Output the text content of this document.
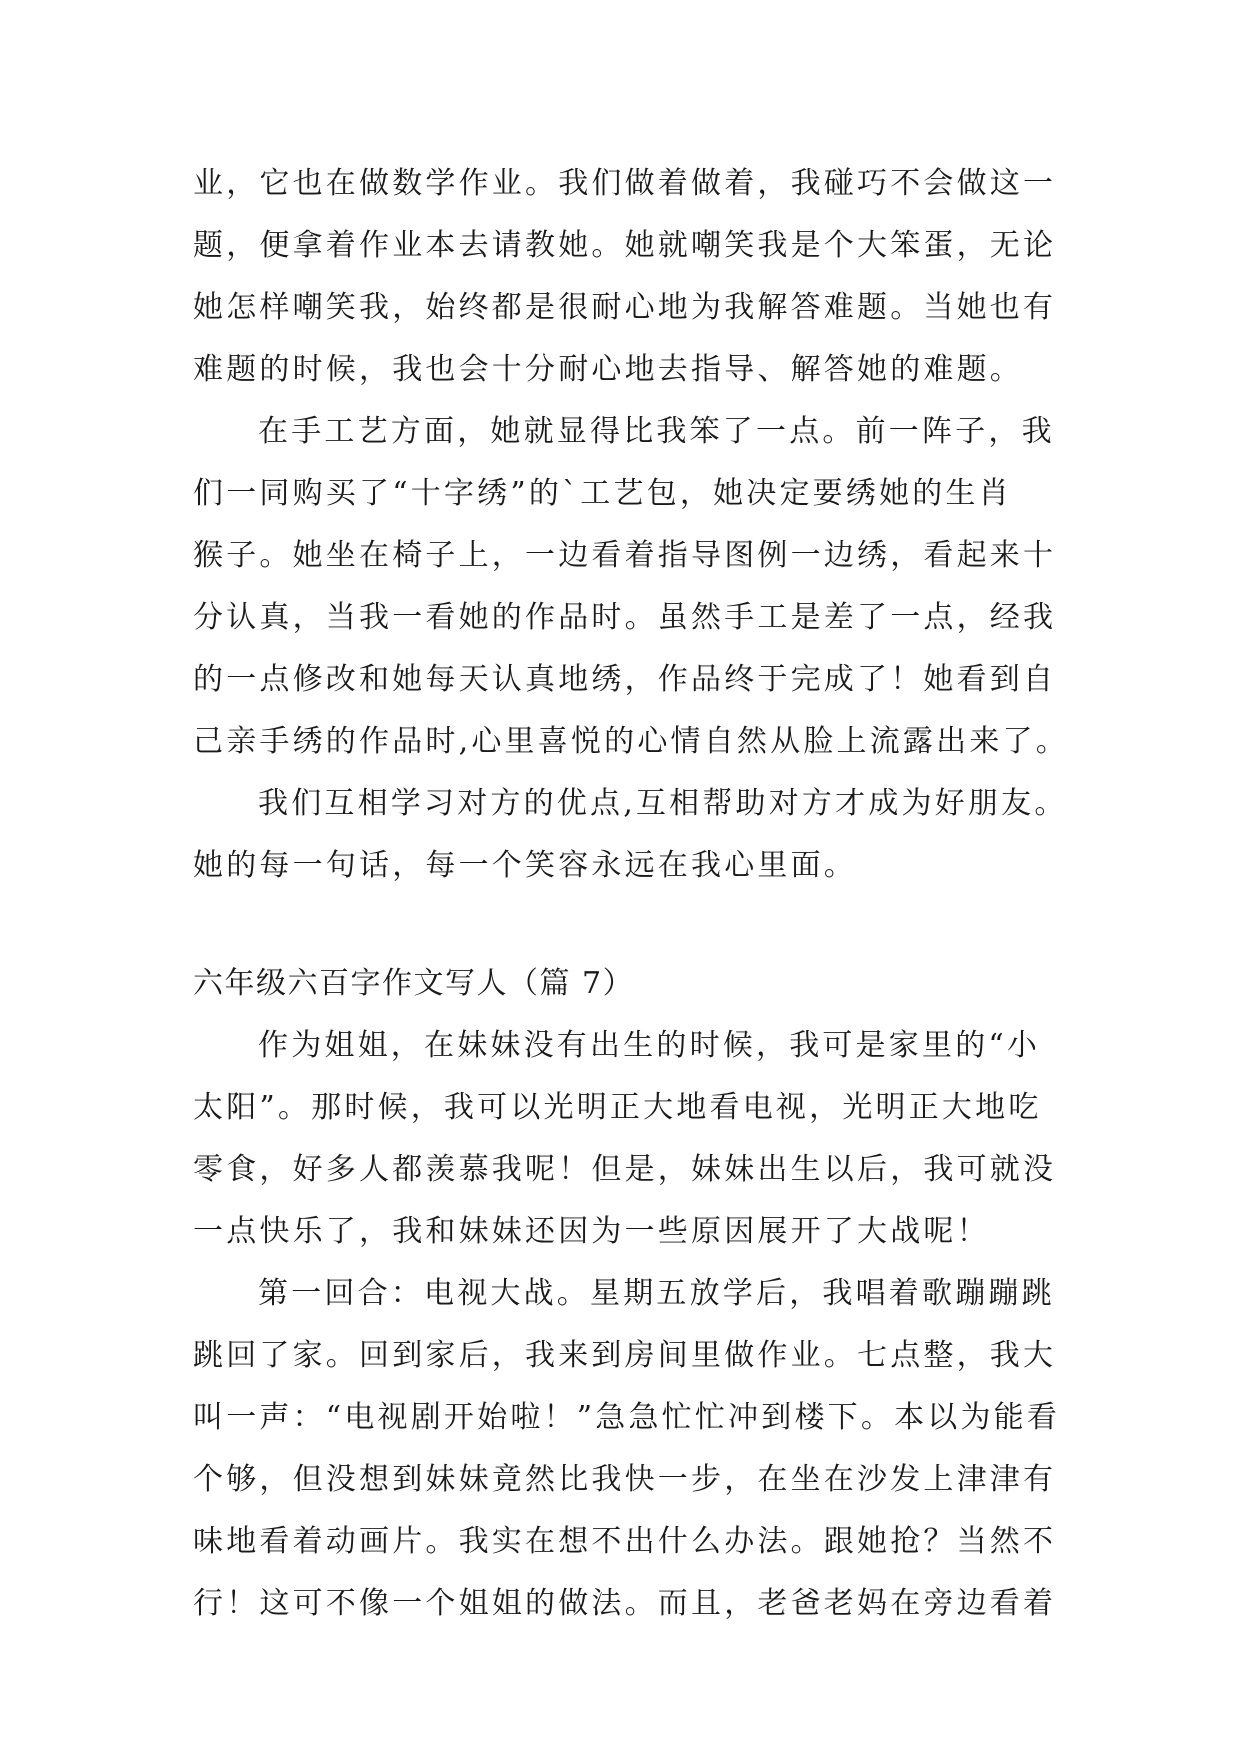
业，它也在做数学作业。我们做着做着，我碰巧不会做这一

题，便拿着作业本去请教她。她就嘲笑我是个大笨蛋，无论

她怎样嘲笑我，始终都是很耐心地为我解答难题。当她也有

难题的时候，我也会十分耐心地去指导、解答她的难题。

在手工艺方面，她就显得比我笨了一点。前一阵子，我

们一同购买了“十字绣”的`工艺包，她决定要绣她的生肖

猴子。她坐在椅子上，一边看着指导图例一边绣，看起来十

分认真，当我一看她的作品时。虽然手工是差了一点，经我

的一点修改和她每天认真地绣，作品终于完成了！她看到自

己亲手绣的作品时,心里喜悦的心情自然从脸上流露出来了。

我们互相学习对方的优点,互相帮助对方才成为好朋友。

她的每一句话，每一个笑容永远在我心里面。

六年级六百字作文写人（篇 7）

作为姐姐，在妹妹没有出生的时候，我可是家里的“小

太阳”。那时候，我可以光明正大地看电视，光明正大地吃

零食，好多人都羡慕我呢！但是，妹妹出生以后，我可就没

一点快乐了，我和妹妹还因为一些原因展开了大战呢！

第一回合：电视大战。星期五放学后，我唱着歌蹦蹦跳

跳回了家。回到家后，我来到房间里做作业。七点整，我大

叫一声：“电视剧开始啦！”急急忙忙冲到楼下。本以为能看

个够，但没想到妹妹竟然比我快一步，在坐在沙发上津津有

味地看着动画片。我实在想不出什么办法。跟她抢？当然不

行！这可不像一个姐姐的做法。而且，老爸老妈在旁边看着
